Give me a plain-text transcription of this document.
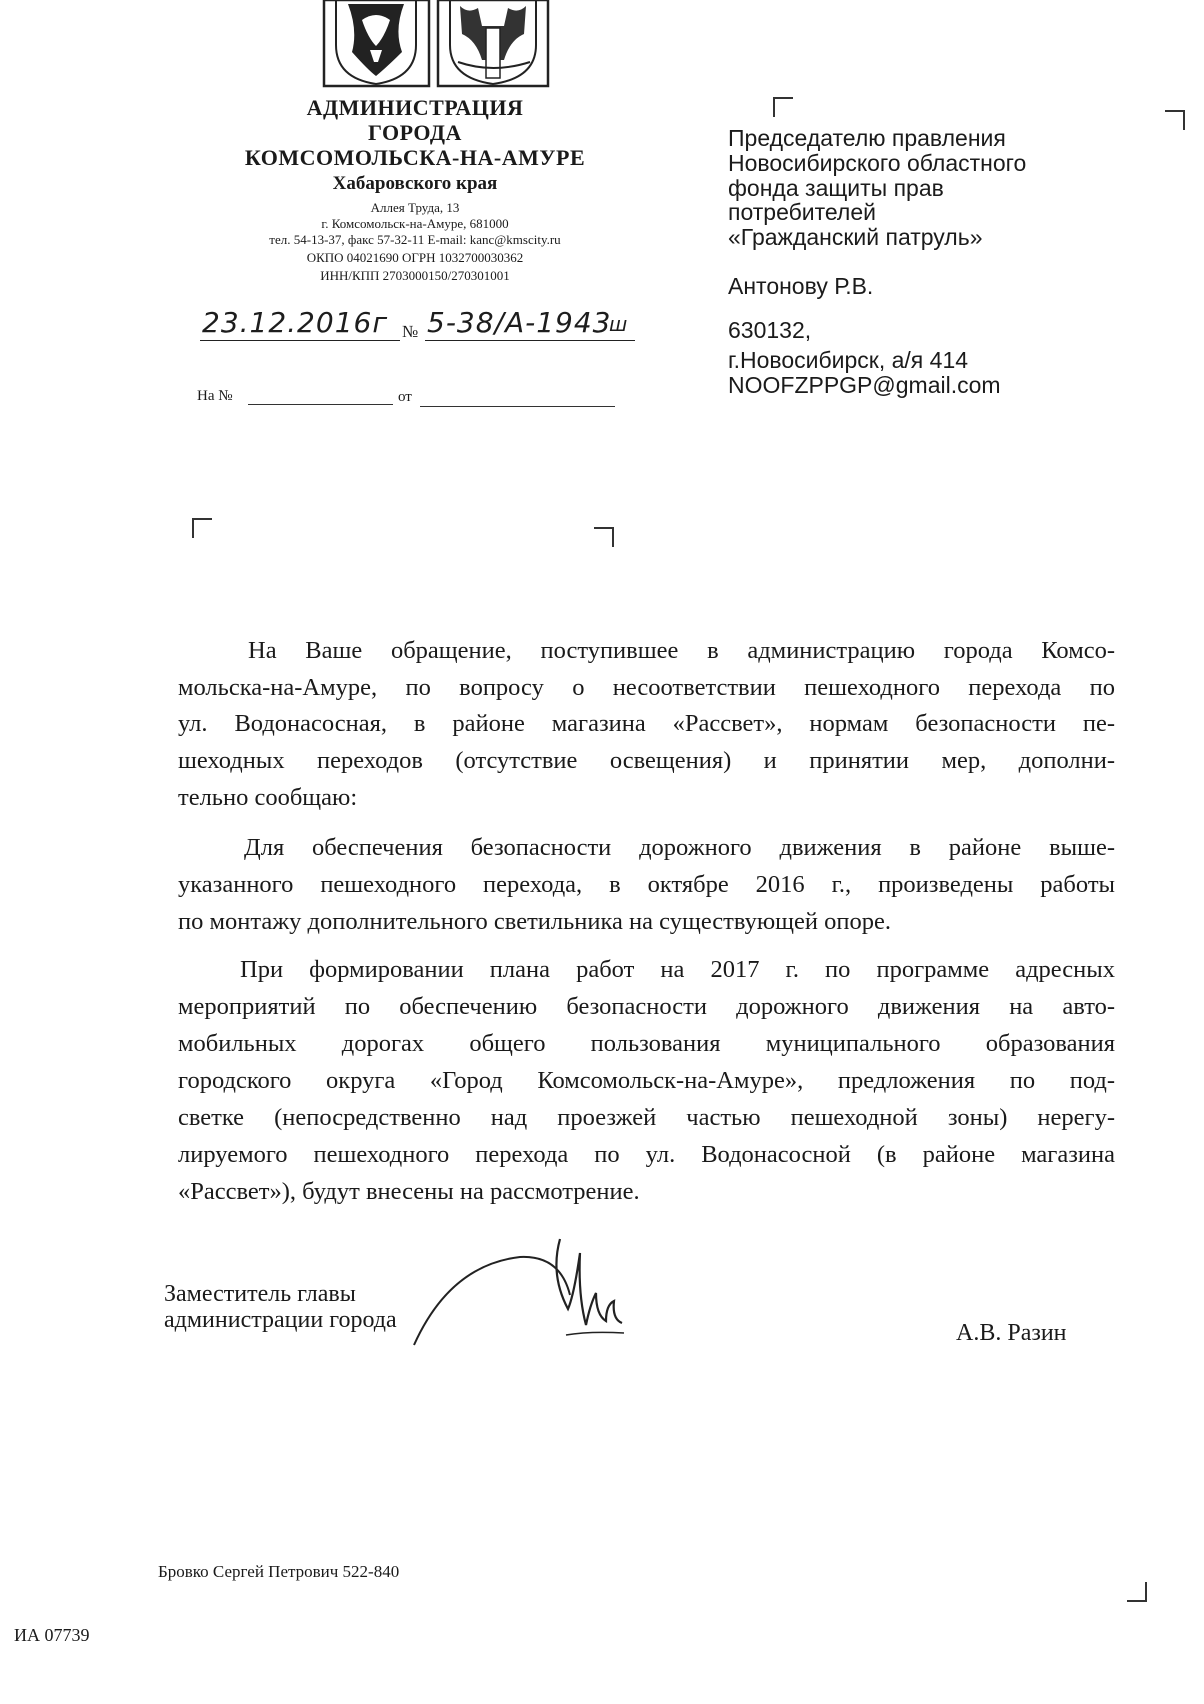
АДМИНИСТРАЦИЯ
ГОРОДА
КОМСОМОЛЬСКА-НА-АМУРЕ
Хабаровского края
Аллея Труда, 13
г. Комсомольск-на-Амуре, 681000
тел. 54-13-37, факс 57-32-11 E-mail: kanc@kmscity.ru
ОКПО 04021690 ОГРН 1032700030362
ИНН/КПП 2703000150/270301001
23.12.2016г № 5-38/А-1943
ш
На №	от
Председателю правления
Новосибирского областного
фонда защиты прав
потребителей
«Гражданский патруль»
Антонову Р.В.
630132,
г.Новосибирск, а/я 414
NOOFZPPGP@gmail.com
На Ваше обращение, поступившее в администрацию города Комсо-
мольска-на-Амуре, по вопросу о несоответствии пешеходного перехода по
ул. Водонасосная, в районе магазина «Рассвет», нормам безопасности пе-
шеходных переходов (отсутствие освещения) и принятии мер, дополни-
тельно сообщаю:
Для обеспечения безопасности дорожного движения в районе выше-
указанного пешеходного перехода, в октябре 2016 г., произведены работы
по монтажу дополнительного светильника на существующей опоре.
При формировании плана работ на 2017 г. по программе адресных
мероприятий по обеспечению безопасности дорожного движения на авто-
мобильных дорогах общего пользования муниципального образования
городского округа «Город Комсомольск-на-Амуре», предложения по под-
светке (непосредственно над проезжей частью пешеходной зоны) нерегу-
лируемого пешеходного перехода по ул. Водонасосной (в районе магазина
«Рассвет»), будут внесены на рассмотрение.
Заместитель главы
администрации города	А.В. Разин
Бровко Сергей Петрович 522-840
ИА 07739
